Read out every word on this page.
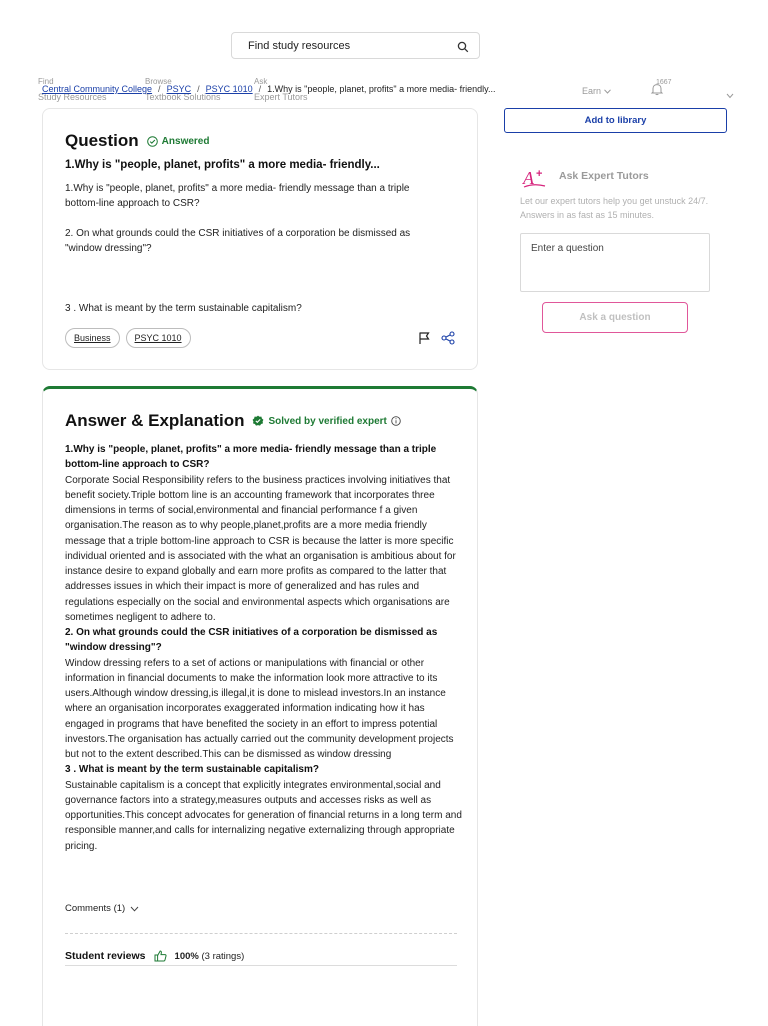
Find study resources
Find
Study Resources
Browse
Textbook Solutions
Ask
Expert Tutors
Central Community College / PSYC / PSYC 1010 / 1.Why is "people, planet, profits" a more media- friendly...	Earn
1667
Question Answered
1.Why is "people, planet, profits" a more media- friendly...

1.Why is "people, planet, profits" a more media- friendly message than a triple bottom-line approach to CSR?

2. On what grounds could the CSR initiatives of a corporation be dismissed as "window dressing"?

3 . What is meant by the term sustainable capitalism?

Business	PSYC 1010
Add to library
A + Ask Expert Tutors
Let our expert tutors help you get unstuck 24/7. Answers in as fast as 15 minutes.
Enter a question
Ask a question
Answer & Explanation Solved by verified expert
1.Why is "people, planet, profits" a more media- friendly message than a triple bottom-line approach to CSR?
Corporate Social Responsibility refers to the business practices involving initiatives that benefit society.Triple bottom line is an accounting framework that incorporates three dimensions in terms of social,environmental and financial performance f a given organisation.The reason as to why people,planet,profits are a more media friendly message that a triple bottom-line approach to CSR is because the latter is more specific individual oriented and is associated with the what an organisation is ambitious about for instance desire to expand globally and earn more profits as compared to the latter that addresses issues in which their impact is more of generalized and has rules and regulations especially on the social and environmental aspects which organisations are sometimes negligent to adhere to.
2. On what grounds could the CSR initiatives of a corporation be dismissed as "window dressing"?
Window dressing refers to a set of actions or manipulations with financial or other information in financial documents to make the information look more attractive to its users.Although window dressing,is illegal,it is done to mislead investors.In an instance where an organisation incorporates exaggerated information indicating how it has engaged in programs that have benefited the society in an effort to impress potential investors.The organisation has actually carried out the community development projects but not to the extent described.This can be dismissed as window dressing
3 . What is meant by the term sustainable capitalism?
Sustainable capitalism is a concept that explicitly integrates environmental,social and governance factors into a strategy,measures outputs and accesses risks as well as opportunities.This concept advocates for generation of financial returns in a long term and responsible manner,and calls for internalizing negative externalizing through appropriate pricing.
Comments (1)
Student reviews	100% (3 ratings)
